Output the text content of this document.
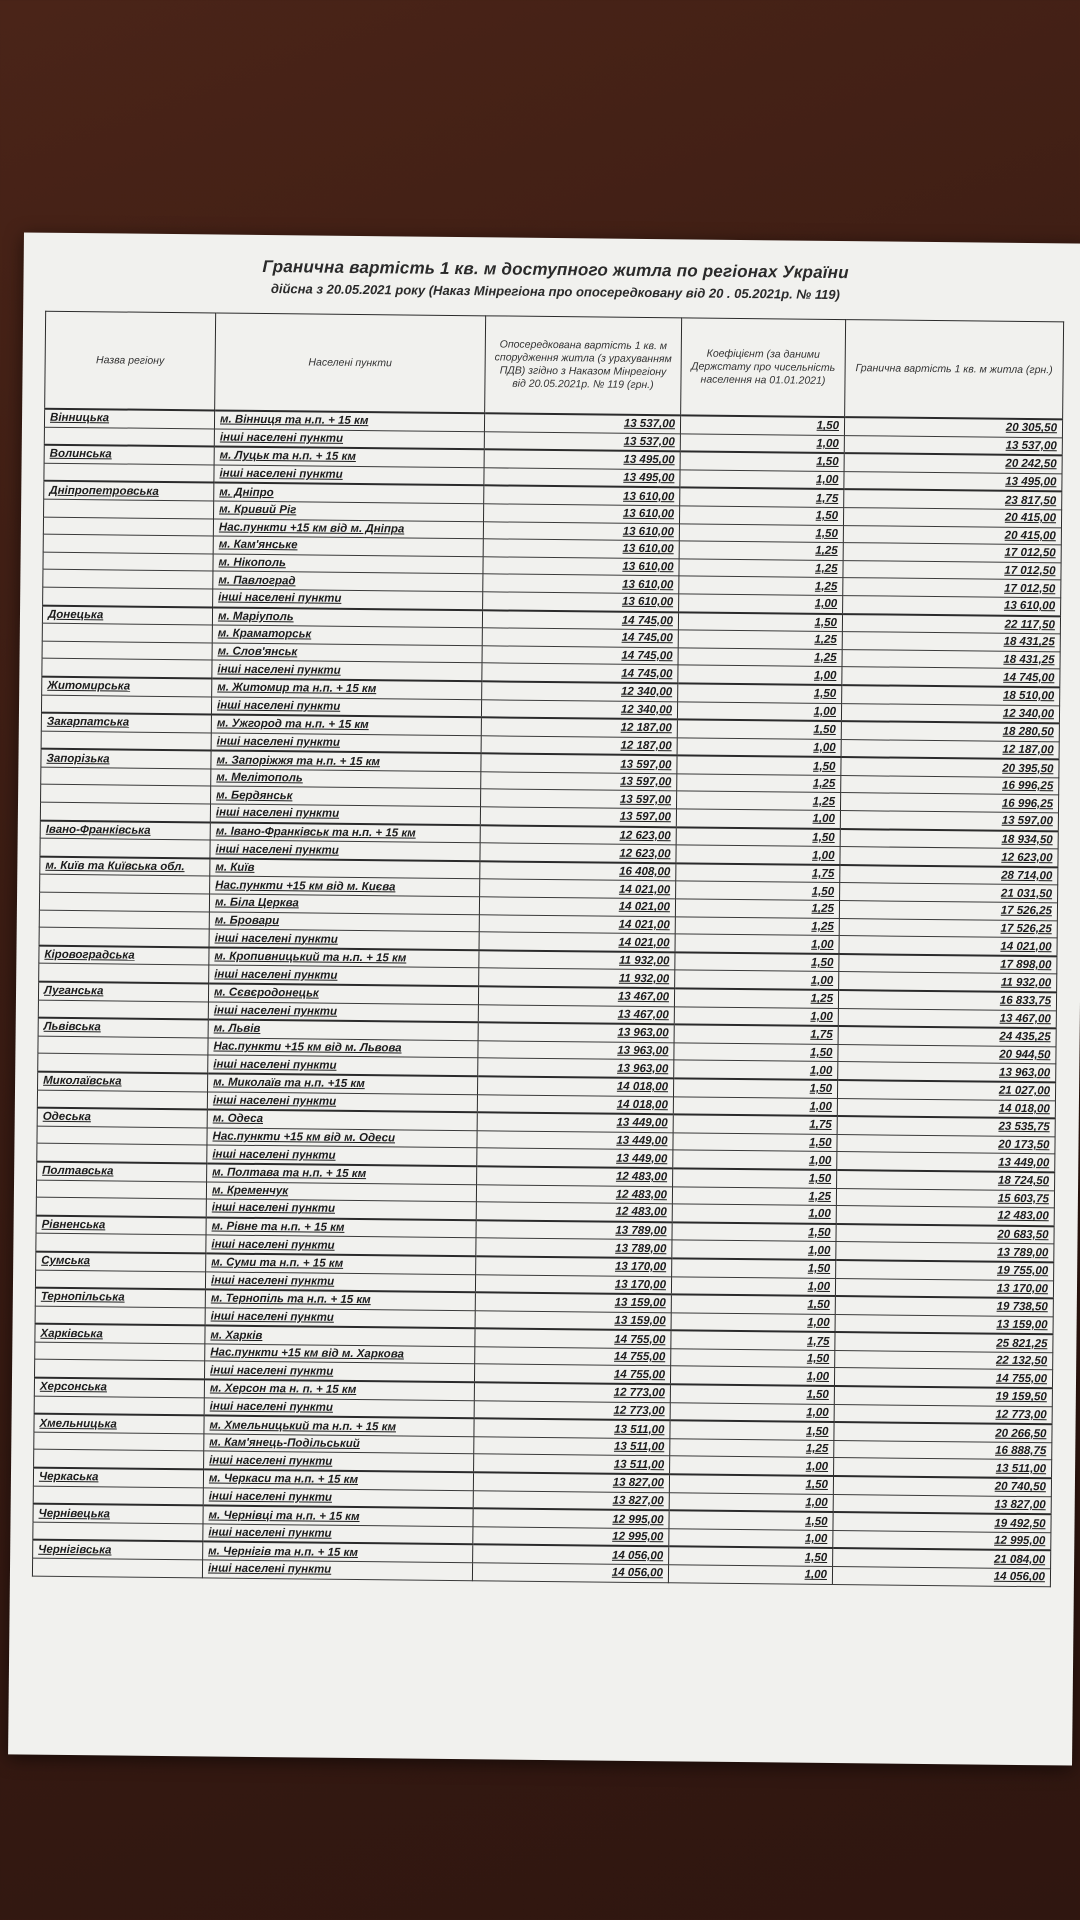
Гранична вартість 1 кв. м доступного житла по регіонах України
дійсна з 20.05.2021 року (Наказ Мінрегіона про опосередковану від 20 . 05.2021р. № 119)
Назва регіону	Населені пункти	Опосередкована вартість 1 кв. м спорудження житла (з урахуванням ПДВ) згідно з Наказом Мінрегіону від 20.05.2021р. № 119 (грн.)	Коефіцієнт (за даними Держстату про чисельність населення на 01.01.2021)	Гранична вартість 1 кв. м житла (грн.)
Вінницька	м. Вінниця та н.п. + 15 км	13 537,00	1,50	20 305,50
	інші населені пункти	13 537,00	1,00	13 537,00
Волинська	м. Луцьк та н.п. + 15 км	13 495,00	1,50	20 242,50
	інші населені пункти	13 495,00	1,00	13 495,00
Дніпропетровська	м. Дніпро	13 610,00	1,75	23 817,50
	м. Кривий Ріг	13 610,00	1,50	20 415,00
	Нас.пункти +15 км від м. Дніпра	13 610,00	1,50	20 415,00
	м. Кам'янське	13 610,00	1,25	17 012,50
	м. Нікополь	13 610,00	1,25	17 012,50
	м. Павлоград	13 610,00	1,25	17 012,50
	інші населені пункти	13 610,00	1,00	13 610,00
Донецька	м. Маріуполь	14 745,00	1,50	22 117,50
	м. Краматорськ	14 745,00	1,25	18 431,25
	м. Слов'янськ	14 745,00	1,25	18 431,25
	інші населені пункти	14 745,00	1,00	14 745,00
Житомирська	м. Житомир та н.п. + 15 км	12 340,00	1,50	18 510,00
	інші населені пункти	12 340,00	1,00	12 340,00
Закарпатська	м. Ужгород та н.п. + 15 км	12 187,00	1,50	18 280,50
	інші населені пункти	12 187,00	1,00	12 187,00
Запорізька	м. Запоріжжя та н.п. + 15 км	13 597,00	1,50	20 395,50
	м. Мелітополь	13 597,00	1,25	16 996,25
	м. Бердянськ	13 597,00	1,25	16 996,25
	інші населені пункти	13 597,00	1,00	13 597,00
Івано-Франківська	м. Івано-Франківськ та н.п. + 15 км	12 623,00	1,50	18 934,50
	інші населені пункти	12 623,00	1,00	12 623,00
м. Київ та Київська обл.	м. Київ	16 408,00	1,75	28 714,00
	Нас.пункти +15 км від м. Києва	14 021,00	1,50	21 031,50
	м. Біла Церква	14 021,00	1,25	17 526,25
	м. Бровари	14 021,00	1,25	17 526,25
	інші населені пункти	14 021,00	1,00	14 021,00
Кіровоградська	м. Кропивницький та н.п. + 15 км	11 932,00	1,50	17 898,00
	інші населені пункти	11 932,00	1,00	11 932,00
Луганська	м. Сєвєродонецьк	13 467,00	1,25	16 833,75
	інші населені пункти	13 467,00	1,00	13 467,00
Львівська	м. Львів	13 963,00	1,75	24 435,25
	Нас.пункти +15 км від м. Львова	13 963,00	1,50	20 944,50
	інші населені пункти	13 963,00	1,00	13 963,00
Миколаївська	м. Миколаїв та н.п. +15 км	14 018,00	1,50	21 027,00
	інші населені пункти	14 018,00	1,00	14 018,00
Одеська	м. Одеса	13 449,00	1,75	23 535,75
	Нас.пункти +15 км від м. Одеси	13 449,00	1,50	20 173,50
	інші населені пункти	13 449,00	1,00	13 449,00
Полтавська	м. Полтава та н.п. + 15 км	12 483,00	1,50	18 724,50
	м. Кременчук	12 483,00	1,25	15 603,75
	інші населені пункти	12 483,00	1,00	12 483,00
Рівненська	м. Рівне та н.п. + 15 км	13 789,00	1,50	20 683,50
	інші населені пункти	13 789,00	1,00	13 789,00
Сумська	м. Суми та н.п. + 15 км	13 170,00	1,50	19 755,00
	інші населені пункти	13 170,00	1,00	13 170,00
Тернопільська	м. Тернопіль та н.п. + 15 км	13 159,00	1,50	19 738,50
	інші населені пункти	13 159,00	1,00	13 159,00
Харківська	м. Харків	14 755,00	1,75	25 821,25
	Нас.пункти +15 км від м. Харкова	14 755,00	1,50	22 132,50
	інші населені пункти	14 755,00	1,00	14 755,00
Херсонська	м. Херсон та н. п. + 15 км	12 773,00	1,50	19 159,50
	інші населені пункти	12 773,00	1,00	12 773,00
Хмельницька	м. Хмельницький та н.п. + 15 км	13 511,00	1,50	20 266,50
	м. Кам'янець-Подільський	13 511,00	1,25	16 888,75
	інші населені пункти	13 511,00	1,00	13 511,00
Черкаська	м. Черкаси та н.п. + 15 км	13 827,00	1,50	20 740,50
	інші населені пункти	13 827,00	1,00	13 827,00
Чернівецька	м. Чернівці та н.п. + 15 км	12 995,00	1,50	19 492,50
	інші населені пункти	12 995,00	1,00	12 995,00
Чернігівська	м. Чернігів та н.п. + 15 км	14 056,00	1,50	21 084,00
	інші населені пункти	14 056,00	1,00	14 056,00
